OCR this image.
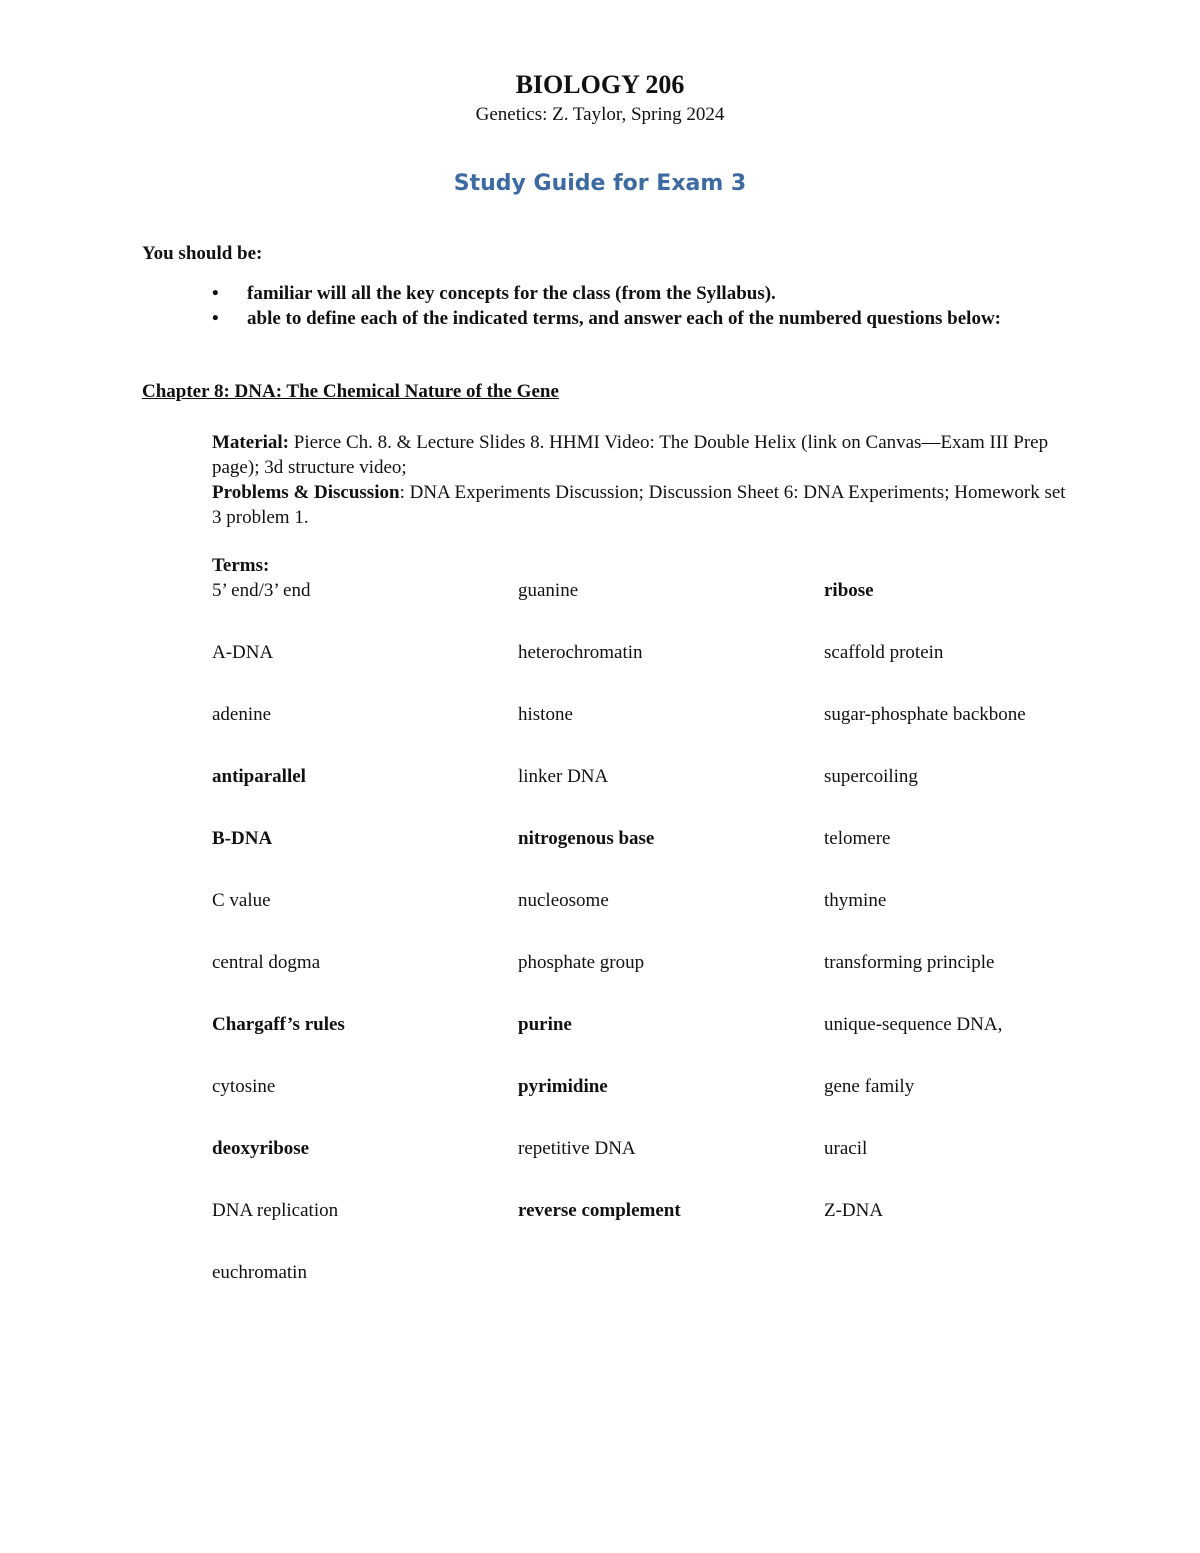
BIOLOGY 206
Genetics: Z. Taylor, Spring 2024
Study Guide for Exam 3
You should be:
• familiar will all the key concepts for the class (from the Syllabus).
• able to define each of the indicated terms, and answer each of the numbered questions below:
Chapter 8: DNA: The Chemical Nature of the Gene

Material: Pierce Ch. 8. & Lecture Slides 8. HHMI Video: The Double Helix (link on Canvas—Exam III Prep page); 3d structure video;

Problems & Discussion: DNA Experiments Discussion; Discussion Sheet 6: DNA Experiments; Homework set 3 problem 1.

Terms:
5’ end/3’ end
A-DNA
adenine
antiparallel
B-DNA
C value
central dogma
Chargaff’s rules
cytosine
deoxyribose
DNA replication
euchromatin
guanine
heterochromatin
histone
linker DNA
nitrogenous base
nucleosome
phosphate group
purine
pyrimidine
repetitive DNA
reverse complement
ribose
scaffold protein
sugar-phosphate backbone
supercoiling
telomere
thymine
transforming principle
unique-sequence DNA,
gene family
uracil
Z-DNA
